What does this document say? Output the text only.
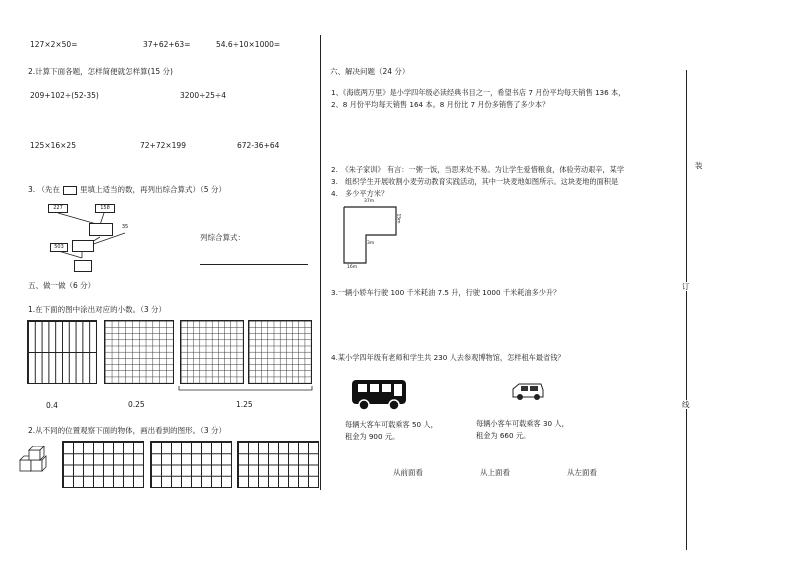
127×2×50=	37+62+63=	54.6÷10×1000=
2.计算下面各题，怎样简便就怎样算(15 分)
209+102÷(52-35)	3200÷25÷4
125×16×25	72+72×199	672-36+64
3. （先在	里填上适当的数，再列出综合算式）（5 分）
227	158
35
503
列综合算式：
五、做一做（6 分）
1.在下面的图中涂出对应的小数。（3 分）
0.4	0.25	1.25
2.从不同的位置观察下面的物体，画出看到的图形。（3 分）
六、解决问题（24 分）
1、《海底两万里》是小学四年级必读经典书目之一，希望书店 7 月份平均每天销售 136 本，
2、8 月份平均每天销售 164 本。8 月份比 7 月份多销售了多少本？
2.　《朱子家训》 有言：一粥一饭，当思来处不易。为让学生爱惜粮食，体验劳动艰辛，某学
3.　组织学生开展收割小麦劳动教育实践活动，其中一块麦地如图所示。这块麦地的面积是
4.　多少平方米？
37m
15m
3m
16m
3.一辆小轿车行驶 100 千米耗油 7.5 升，行驶 1000 千米耗油多少升？
4.某小学四年级有老师和学生共 230 人去参观博物馆，怎样租车最省钱？
每辆大客车可载乘客 50 人，
租金为 900 元。
每辆小客车可载乘客 30 人，
租金为 660 元。
从前面看	从上面看	从左面看
装
订
线
